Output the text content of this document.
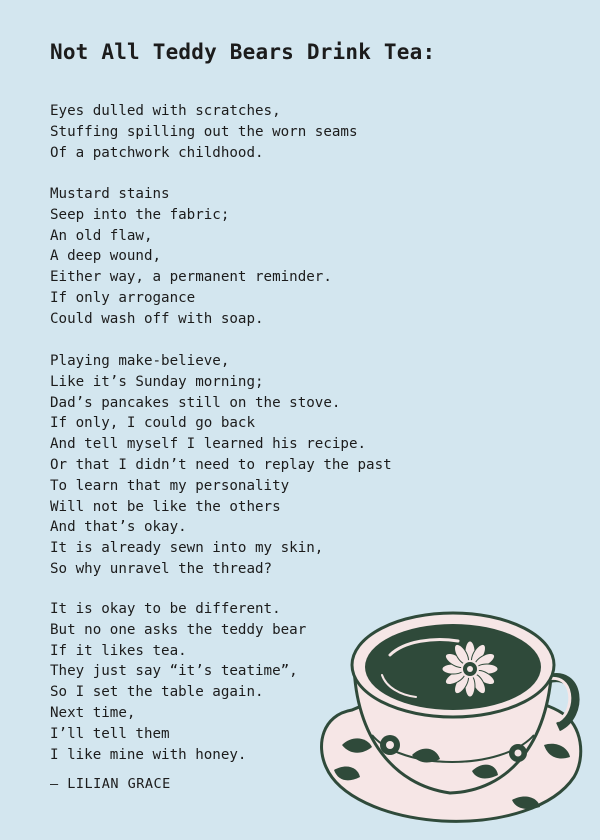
Not All Teddy Bears Drink Tea:
Eyes dulled with scratches,
Stuffing spilling out the worn seams
Of a patchwork childhood.
Mustard stains
Seep into the fabric;
An old flaw,
A deep wound,
Either way, a permanent reminder.
If only arrogance
Could wash off with soap.
Playing make-believe,
Like it’s Sunday morning;
Dad’s pancakes still on the stove.
If only, I could go back
And tell myself I learned his recipe.
Or that I didn’t need to replay the past
To learn that my personality
Will not be like the others
And that’s okay.
It is already sewn into my skin,
So why unravel the thread?
It is okay to be different.
But no one asks the teddy bear
If it likes tea.
They just say “it’s teatime”,
So I set the table again.
Next time,
I’ll tell them
I like mine with honey.
– LILIAN GRACE
